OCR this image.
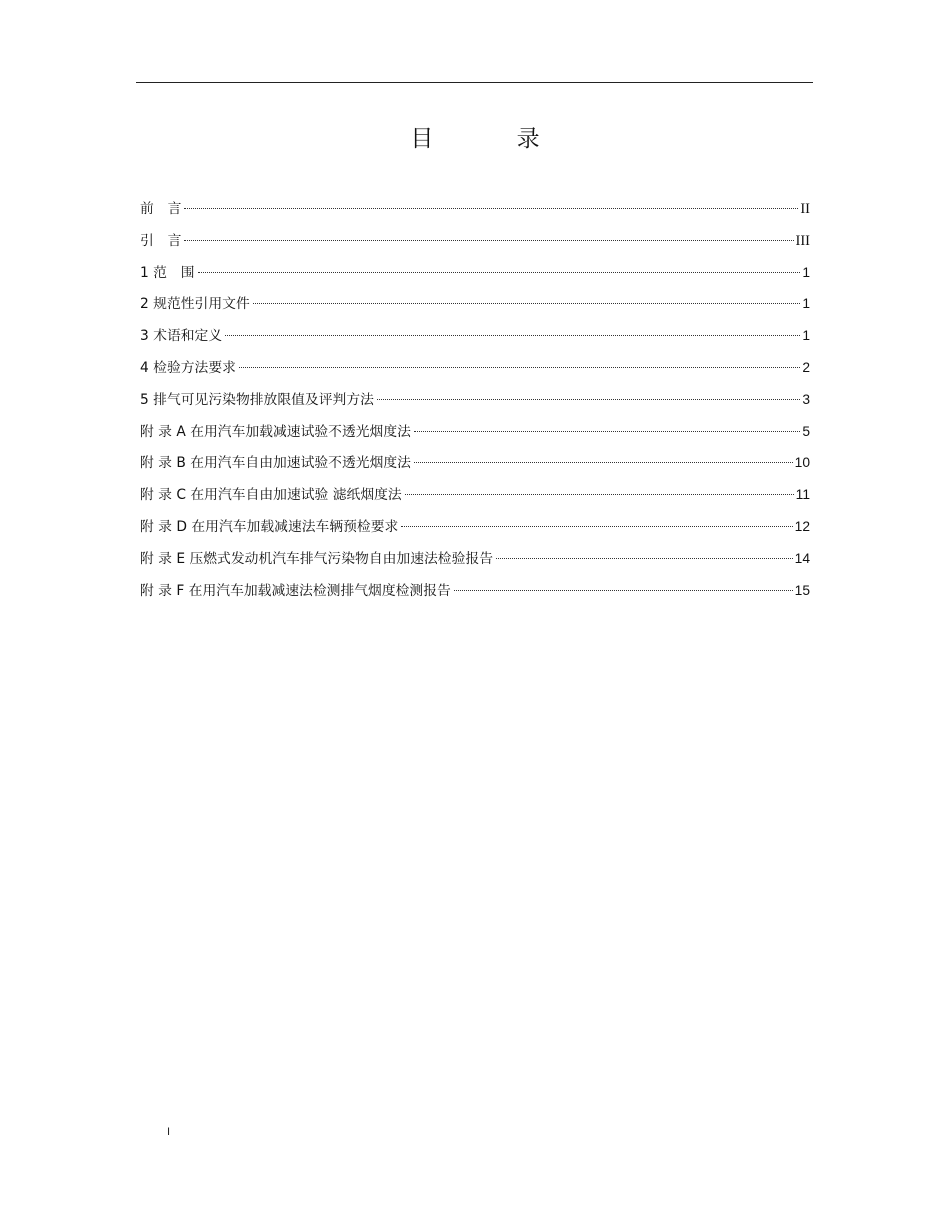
目 录
前　言	II
引　言	III
1 范　围	1
2 规范性引用文件	1
3 术语和定义	1
4 检验方法要求	2
5 排气可见污染物排放限值及评判方法	3
附 录 A 在用汽车加载减速试验不透光烟度法	5
附 录 B 在用汽车自由加速试验不透光烟度法	10
附 录 C 在用汽车自由加速试验 滤纸烟度法	11
附 录 D 在用汽车加载减速法车辆预检要求	12
附 录 E 压燃式发动机汽车排气污染物自由加速法检验报告	14
附 录 F 在用汽车加载减速法检测排气烟度检测报告	15
I
